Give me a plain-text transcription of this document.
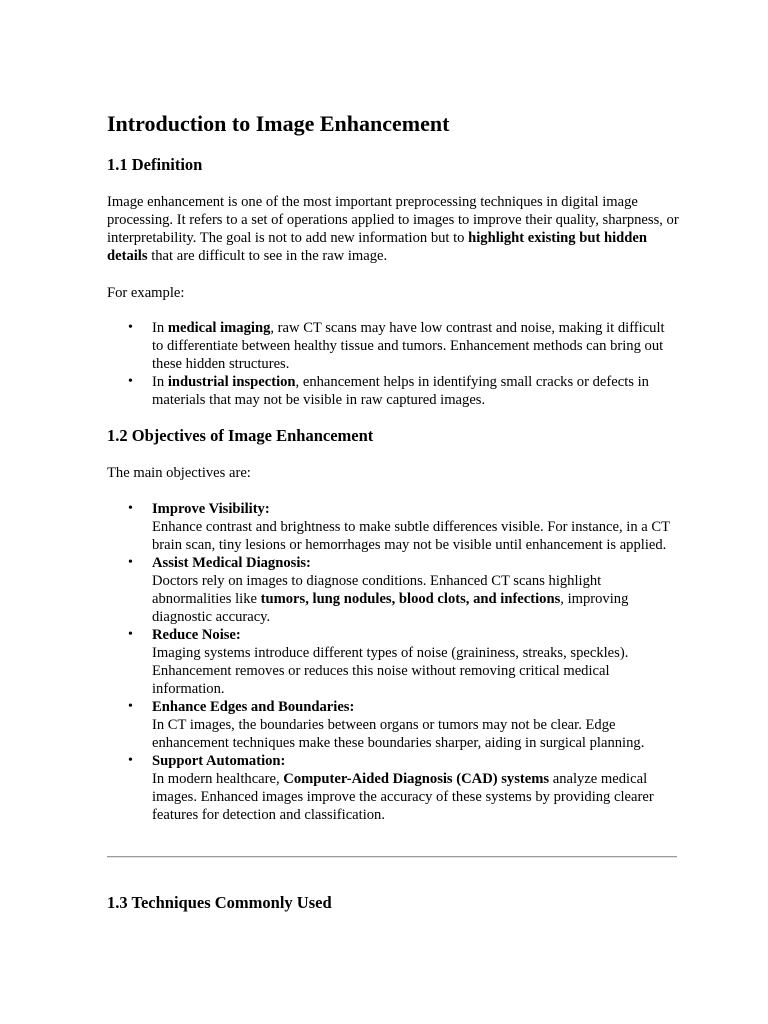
Introduction to Image Enhancement
1.1 Definition

Image enhancement is one of the most important preprocessing techniques in digital image processing. It refers to a set of operations applied to images to improve their quality, sharpness, or interpretability. The goal is not to add new information but to highlight existing but hidden details that are difficult to see in the raw image.

For example:

• In medical imaging, raw CT scans may have low contrast and noise, making it difficult to differentiate between healthy tissue and tumors. Enhancement methods can bring out these hidden structures.
• In industrial inspection, enhancement helps in identifying small cracks or defects in materials that may not be visible in raw captured images.
1.2 Objectives of Image Enhancement

The main objectives are:

• Improve Visibility:
Enhance contrast and brightness to make subtle differences visible. For instance, in a CT brain scan, tiny lesions or hemorrhages may not be visible until enhancement is applied.
• Assist Medical Diagnosis:
Doctors rely on images to diagnose conditions. Enhanced CT scans highlight abnormalities like tumors, lung nodules, blood clots, and infections, improving diagnostic accuracy.
• Reduce Noise:
Imaging systems introduce different types of noise (graininess, streaks, speckles). Enhancement removes or reduces this noise without removing critical medical information.
• Enhance Edges and Boundaries:
In CT images, the boundaries between organs or tumors may not be clear. Edge enhancement techniques make these boundaries sharper, aiding in surgical planning.
• Support Automation:
In modern healthcare, Computer-Aided Diagnosis (CAD) systems analyze medical images. Enhanced images improve the accuracy of these systems by providing clearer features for detection and classification.
1.3 Techniques Commonly Used
